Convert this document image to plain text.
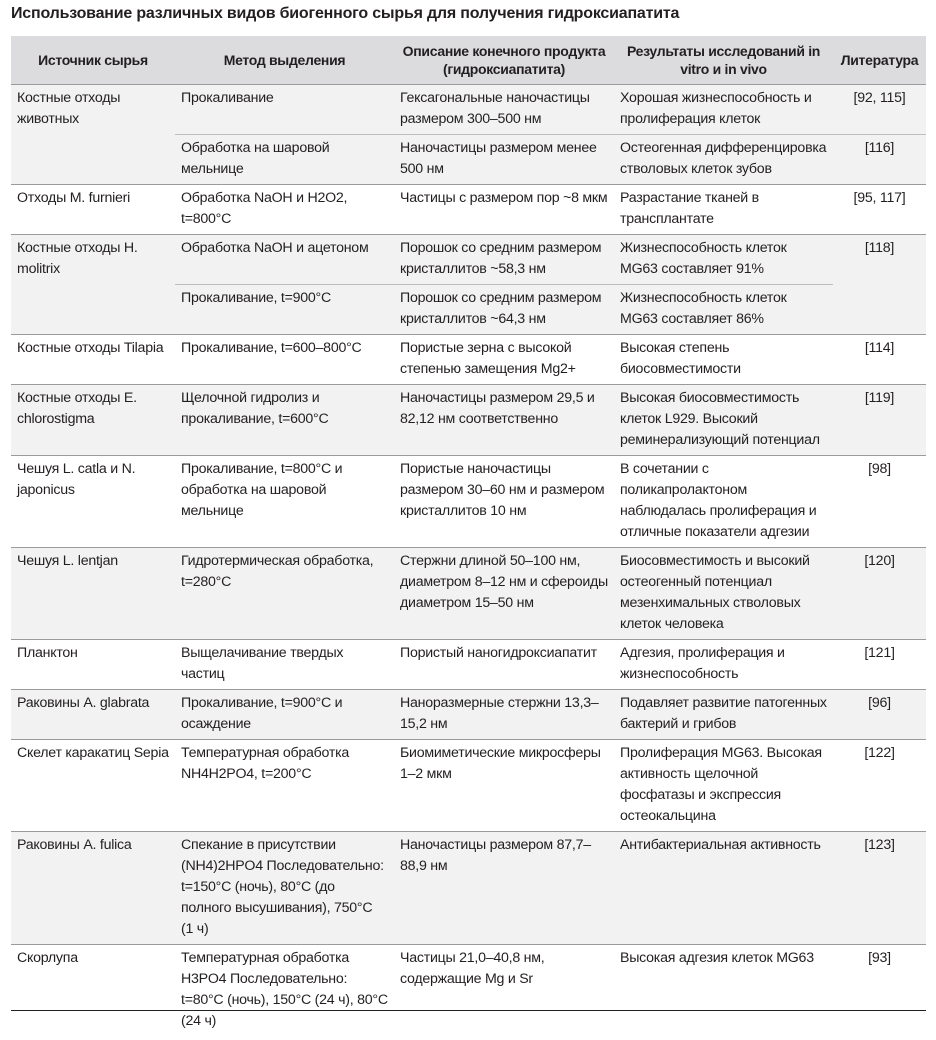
Использование различных видов биогенного сырья для получения гидроксиапатита
Источник сырья	Метод выделения	Описание конечного продукта (гидроксиапатита)	Результаты исследований in vitro и in vivo	Литература
Костные отходы животных	Прокаливание	Гексагональные наночастицы размером 300–500 нм	Хорошая жизнеспособность и пролиферация клеток	[92, 115]
	Обработка на шаровой мельнице	Наночастицы размером менее 500 нм	Остеогенная дифференцировка стволовых клеток зубов	[116]
Отходы M. furnieri	Обработка NaOH и H2O2, t=800°C	Частицы с размером пор ~8 мкм	Разрастание тканей в трансплантате	[95, 117]
Костные отходы H. molitrix	Обработка NaOH и ацетоном	Порошок со средним размером кристаллитов ~58,3 нм	Жизнеспособность клеток MG63 составляет 91%	[118]
	Прокаливание, t=900°C	Порошок со средним размером кристаллитов ~64,3 нм	Жизнеспособность клеток MG63 составляет 86%	
Костные отходы Tilapia	Прокаливание, t=600–800°C	Пористые зерна с высокой степенью замещения Mg2+	Высокая степень биосовместимости	[114]
Костные отходы E. chlorostigma	Щелочной гидролиз и прокаливание, t=600°C	Наночастицы размером 29,5 и 82,12 нм соответственно	Высокая биосовместимость клеток L929. Высокий реминерализующий потенциал	[119]
Чешуя L. catla и N. japonicus	Прокаливание, t=800°C и обработка на шаровой мельнице	Пористые наночастицы размером 30–60 нм и размером кристаллитов 10 нм	В сочетании с поликапролактоном наблюдалась пролиферация и отличные показатели адгезии	[98]
Чешуя L. lentjan	Гидротермическая обработка, t=280°C	Стержни длиной 50–100 нм, диаметром 8–12 нм и сфероиды диаметром 15–50 нм	Биосовместимость и высокий остеогенный потенциал мезенхимальных стволовых клеток человека	[120]
Планктон	Выщелачивание твердых частиц	Пористый наногидроксиапатит	Адгезия, пролиферация и жизнеспособность	[121]
Раковины A. glabrata	Прокаливание, t=900°C и осаждение	Наноразмерные стержни 13,3–15,2 нм	Подавляет развитие патогенных бактерий и грибов	[96]
Скелет каракатиц Sepia	Температурная обработка NH4H2PO4, t=200°C	Биомиметические микросферы 1–2 мкм	Пролиферация MG63. Высокая активность щелочной фосфатазы и экспрессия остеокальцина	[122]
Раковины A. fulica	Спекание в присутствии (NH4)2HPO4 Последовательно: t=150°C (ночь), 80°C (до полного высушивания), 750°C (1 ч)	Наночастицы размером 87,7–88,9 нм	Антибактериальная активность	[123]
Скорлупа	Температурная обработка H3PO4 Последовательно: t=80°C (ночь), 150°C (24 ч), 80°C (24 ч)	Частицы 21,0–40,8 нм, содержащие Mg и Sr	Высокая адгезия клеток MG63	[93]
